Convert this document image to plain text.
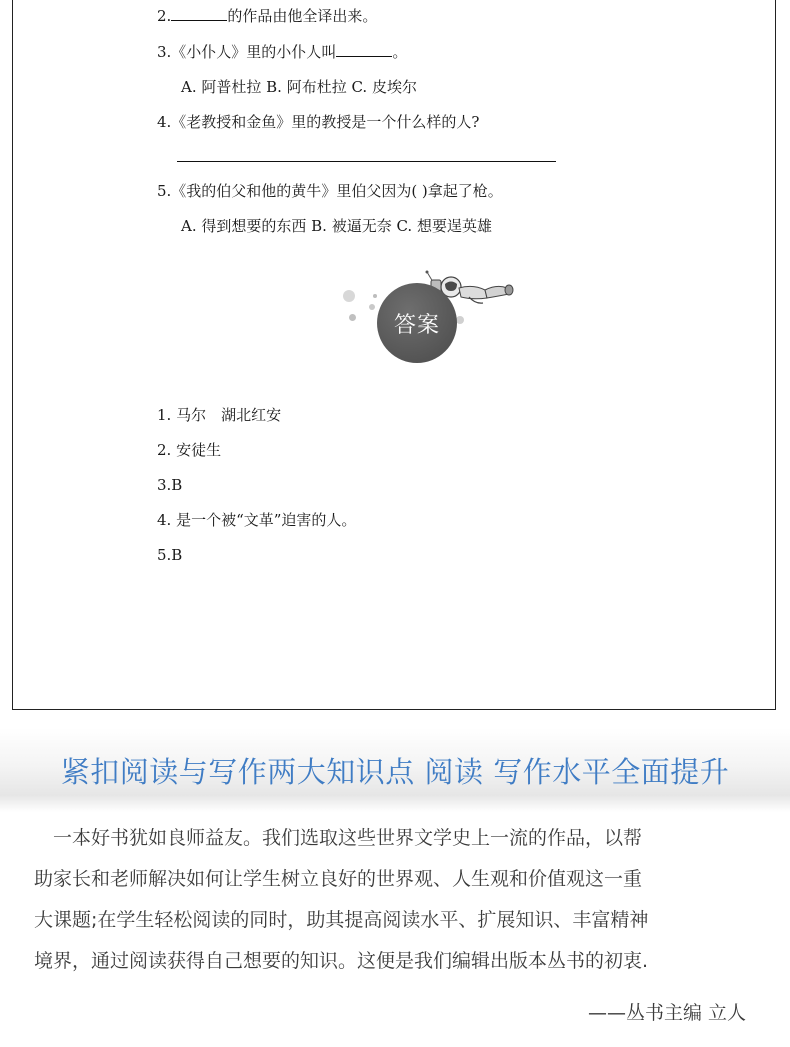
2.	的作品由他全译出来。
3.《小仆人》里的小仆人叫	。
A. 阿普杜拉 B. 阿布杜拉 C. 皮埃尔
4.《老教授和金鱼》里的教授是一个什么样的人?
5.《我的伯父和他的黄牛》里伯父因为( )拿起了枪。
A. 得到想要的东西 B. 被逼无奈 C. 想要逞英雄
答案
1. 马尔　湖北红安
2. 安徒生
3.B
4. 是一个被“文革”迫害的人。
5.B
紧扣阅读与写作两大知识点 阅读 写作水平全面提升
　一本好书犹如良师益友。我们选取这些世界文学史上一流的作品，以帮
助家长和老师解决如何让学生树立良好的世界观、人生观和价值观这一重
大课题;在学生轻松阅读的同时，助其提高阅读水平、扩展知识、丰富精神
境界，通过阅读获得自己想要的知识。这便是我们编辑出版本丛书的初衷.
——丛书主编 立人
